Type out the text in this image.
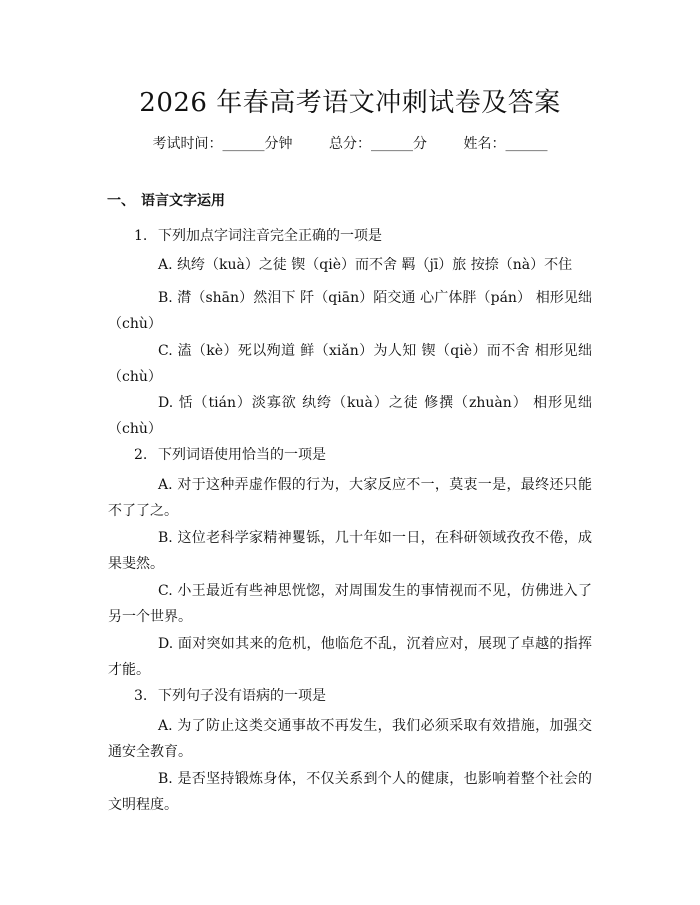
2026 年春高考语文冲刺试卷及答案
考试时间：______分钟	总分：______分	姓名：______
一、 语言文字运用
1. 下列加点字词注音完全正确的一项是
A. 纨绔（kuà）之徒 锲（qiè）而不舍 羁（jī）旅 按捺（nà）不住
B. 潸（shān）然泪下 阡（qiān）陌交通 心广体胖（pán） 相形见绌（chù）
C. 溘（kè）死以殉道 鲜（xiǎn）为人知 锲（qiè）而不舍 相形见绌（chù）
D. 恬（tián）淡寡欲 纨绔（kuà）之徒 修撰（zhuàn） 相形见绌（chù）
2. 下列词语使用恰当的一项是
A. 对于这种弄虚作假的行为，大家反应不一，莫衷一是，最终还只能不了了之。
B. 这位老科学家精神矍铄，几十年如一日，在科研领域孜孜不倦，成果斐然。
C. 小王最近有些神思恍惚，对周围发生的事情视而不见，仿佛进入了另一个世界。
D. 面对突如其来的危机，他临危不乱，沉着应对，展现了卓越的指挥才能。
3. 下列句子没有语病的一项是
A. 为了防止这类交通事故不再发生，我们必须采取有效措施，加强交通安全教育。
B. 是否坚持锻炼身体，不仅关系到个人的健康，也影响着整个社会的文明程度。
